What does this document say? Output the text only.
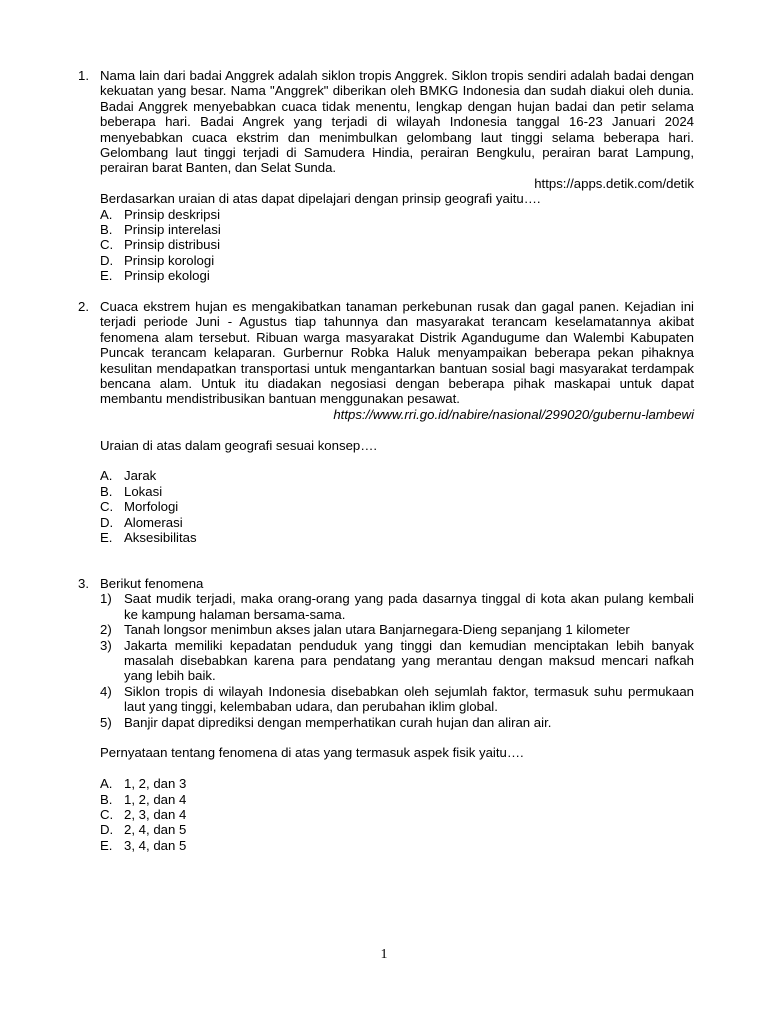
1. Nama lain dari badai Anggrek adalah siklon tropis Anggrek. Siklon tropis sendiri adalah badai dengan kekuatan yang besar. Nama "Anggrek" diberikan oleh BMKG Indonesia dan sudah diakui oleh dunia. Badai Anggrek menyebabkan cuaca tidak menentu, lengkap dengan hujan badai dan petir selama beberapa hari. Badai Angrek yang terjadi di wilayah Indonesia tanggal 16-23 Januari 2024 menyebabkan cuaca ekstrim dan menimbulkan gelombang laut tinggi selama beberapa hari. Gelombang laut tinggi terjadi di Samudera Hindia, perairan Bengkulu, perairan barat Lampung, perairan barat Banten, dan Selat Sunda.
https://apps.detik.com/detik
Berdasarkan uraian di atas dapat dipelajari dengan prinsip geografi yaitu….
A. Prinsip deskripsi
B. Prinsip interelasi
C. Prinsip distribusi
D. Prinsip korologi
E. Prinsip ekologi
2. Cuaca ekstrem hujan es mengakibatkan tanaman perkebunan rusak dan gagal panen. Kejadian ini terjadi periode Juni - Agustus tiap tahunnya dan masyarakat terancam keselamatannya akibat fenomena alam tersebut. Ribuan warga masyarakat Distrik Agandugume dan Walembi Kabupaten Puncak terancam kelaparan. Gurbernur Robka Haluk menyampaikan beberapa pekan pihaknya kesulitan mendapatkan transportasi untuk mengantarkan bantuan sosial bagi masyarakat terdampak bencana alam. Untuk itu diadakan negosiasi dengan beberapa pihak maskapai untuk dapat membantu mendistribusikan bantuan menggunakan pesawat.
https://www.rri.go.id/nabire/nasional/299020/gubernu-lambewi
Uraian di atas dalam geografi sesuai konsep….
A. Jarak
B. Lokasi
C. Morfologi
D. Alomerasi
E. Aksesibilitas
3. Berikut fenomena
1) Saat mudik terjadi, maka orang-orang yang pada dasarnya tinggal di kota akan pulang kembali ke kampung halaman bersama-sama.
2) Tanah longsor menimbun akses jalan utara Banjarnegara-Dieng sepanjang 1 kilometer
3) Jakarta memiliki kepadatan penduduk yang tinggi dan kemudian menciptakan lebih banyak masalah disebabkan karena para pendatang yang merantau dengan maksud mencari nafkah yang lebih baik.
4) Siklon tropis di wilayah Indonesia disebabkan oleh sejumlah faktor, termasuk suhu permukaan laut yang tinggi, kelembaban udara, dan perubahan iklim global.
5) Banjir dapat diprediksi dengan memperhatikan curah hujan dan aliran air.
Pernyataan tentang fenomena di atas yang termasuk aspek fisik yaitu….
A. 1, 2, dan 3
B. 1, 2, dan 4
C. 2, 3, dan 4
D. 2, 4, dan 5
E. 3, 4, dan 5
1
